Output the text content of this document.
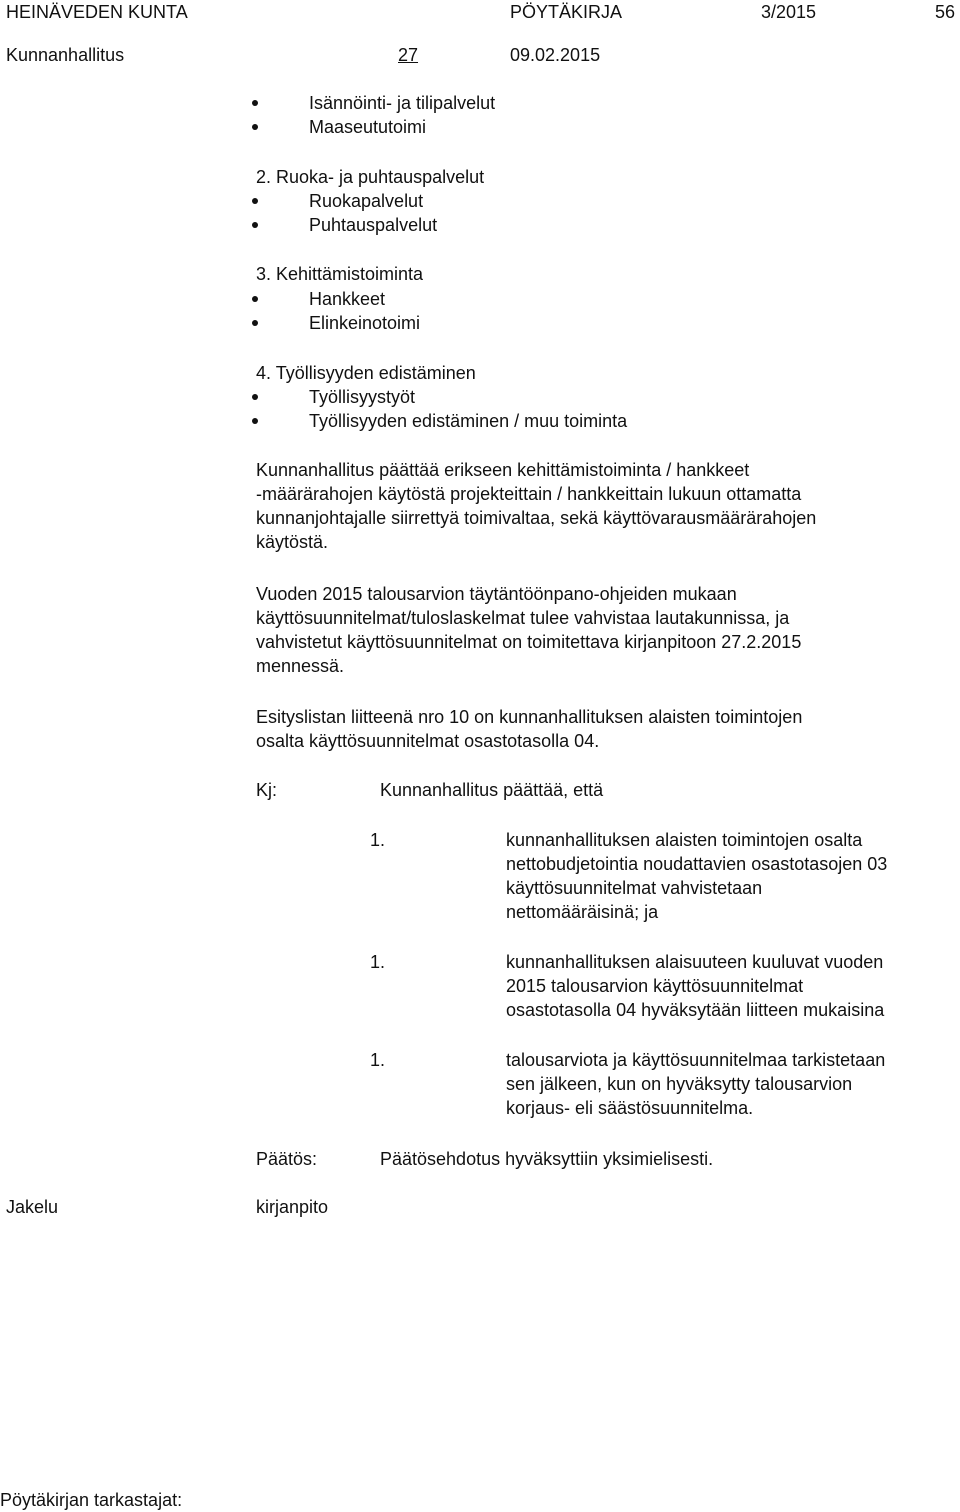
HEINÄVEDEN KUNTA	PÖYTÄKIRJA	3/2015	56
Kunnanhallitus	27	09.02.2015
Isännöinti- ja tilipalvelut
Maaseututoimi
2. Ruoka- ja puhtauspalvelut
Ruokapalvelut
Puhtauspalvelut
3. Kehittämistoiminta
Hankkeet
Elinkeinotoimi
4. Työllisyyden edistäminen
Työllisyystyöt
Työllisyyden edistäminen / muu toiminta
Kunnanhallitus päättää erikseen kehittämistoiminta / hankkeet
-määrärahojen käytöstä projekteittain / hankkeittain lukuun ottamatta
kunnanjohtajalle siirrettyä toimivaltaa, sekä käyttövarausmäärärahojen
käytöstä.
Vuoden 2015 talousarvion täytäntöönpano-ohjeiden mukaan
käyttösuunnitelmat/tuloslaskelmat tulee vahvistaa lautakunnissa, ja
vahvistetut käyttösuunnitelmat on toimitettava kirjanpitoon 27.2.2015
mennessä.
Esityslistan liitteenä nro 10 on kunnanhallituksen alaisten toimintojen
osalta käyttösuunnitelmat osastotasolla 04.
Kj:	Kunnanhallitus päättää, että
1.	kunnanhallituksen alaisten toimintojen osalta
nettobudjetointia noudattavien osastotasojen 03
käyttösuunnitelmat vahvistetaan
nettomääräisinä; ja
1.	kunnanhallituksen alaisuuteen kuuluvat vuoden
2015 talousarvion käyttösuunnitelmat
osastotasolla 04 hyväksytään liitteen mukaisina
1.	talousarviota ja käyttösuunnitelmaa tarkistetaan
sen jälkeen, kun on hyväksytty talousarvion
korjaus- eli säästösuunnitelma.
Päätös:	Päätösehdotus hyväksyttiin yksimielisesti.
Jakelu	kirjanpito
Pöytäkirjan tarkastajat:
